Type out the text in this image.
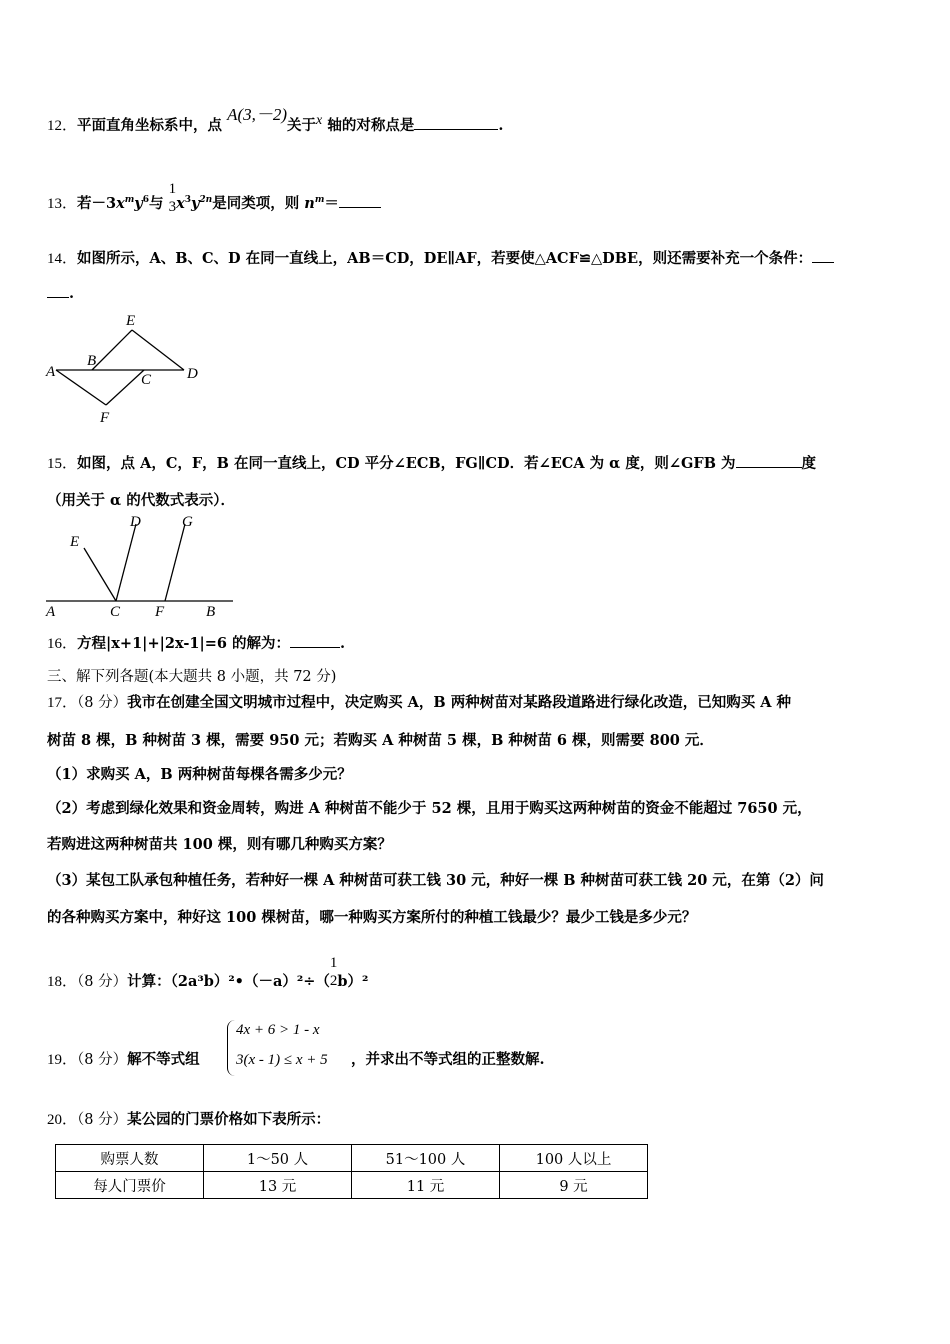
12．平面直角坐标系中，点 A(3,－2)关于x 轴的对称点是	.
13．若$-3x^my^6$与
1
3 $x^3y^{2n}$是同类项，则 $n^m=$
14．如图所示，A、B、C、D 在同一直线上，AB＝CD，DE∥AF，若要使△ACF≌△DBE，则还需要补充一个条件：
.
A
B
C D
E
F
15．如图，点 A，C，F，B 在同一直线上，CD 平分∠ECB，FG∥CD．若∠ECA 为 α 度，则∠GFB 为	度
（用关于 α 的代数式表示）．
A	C F	B
E
D	G
16．方程|x+1|+|2x-1|=6 的解为：	.
三、解下列各题(本大题共 8 小题，共 72 分)
17．（8 分）我市在创建全国文明城市过程中，决定购买 A，B 两种树苗对某路段道路进行绿化改造，已知购买 A 种
树苗 8 棵，B 种树苗 3 棵，需要 950 元；若购买 A 种树苗 5 棵，B 种树苗 6 棵，则需要 800 元．
（1）求购买 A，B 两种树苗每棵各需多少元？
（2）考虑到绿化效果和资金周转，购进 A 种树苗不能少于 52 棵，且用于购买这两种树苗的资金不能超过 7650 元，
若购进这两种树苗共 100 棵，则有哪几种购买方案？
（3）某包工队承包种植任务，若种好一棵 A 种树苗可获工钱 30 元，种好一棵 B 种树苗可获工钱 20 元，在第（2）问
的各种购买方案中，种好这 100 棵树苗，哪一种购买方案所付的种植工钱最少？最少工钱是多少元？
18．（8 分）计算：（2a³b）²•（－a）²÷（
1
2 b）²
19．（8 分）解不等式组
4x + 6 > 1 - x
3(x - 1) ≤ x + 5 ，并求出不等式组的正整数解.
20．（8 分）某公园的门票价格如下表所示：
购票人数	1～50 人	51～100 人	100 人以上
每人门票价	13 元	11 元	9 元
